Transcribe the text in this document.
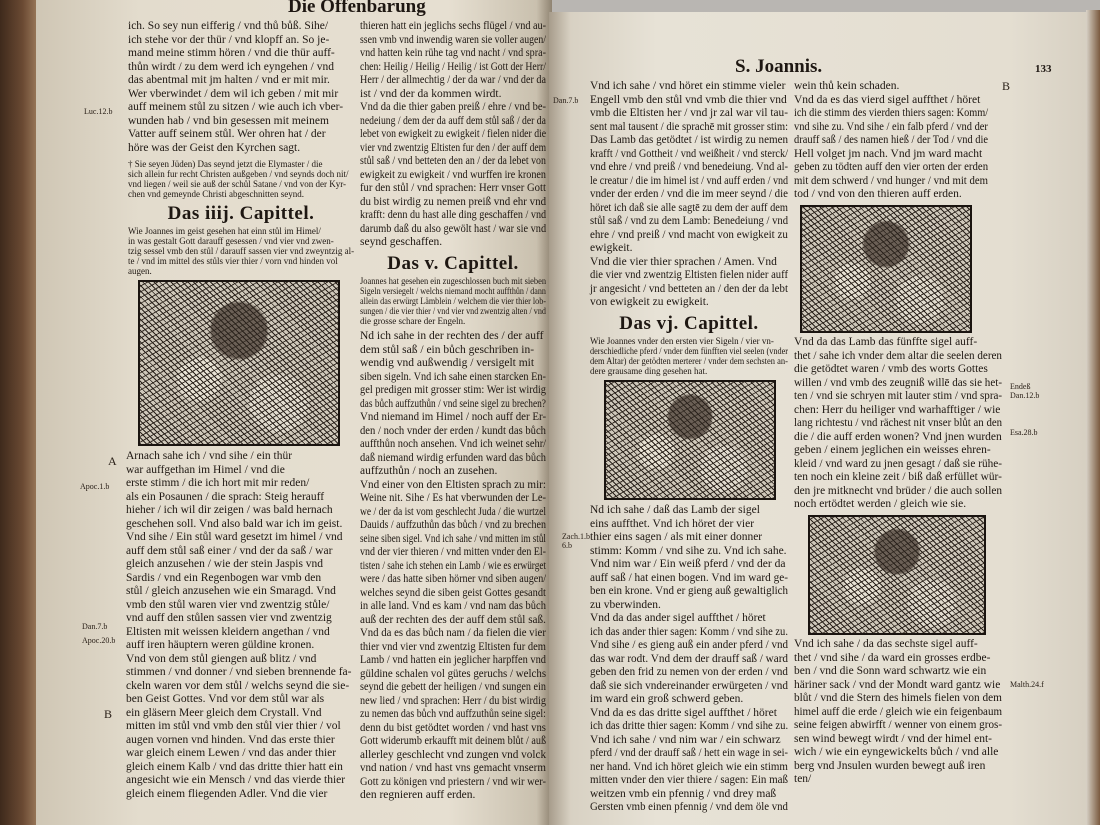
Die Offenbarung
ich. So sey nun eifferig / vnd thů bůß. Sihe/
ich stehe vor der thür / vnd klopff an. So je-
mand meine stimm hören / vnd die thür auff-
thůn wirdt / zu dem werd ich eyngehen / vnd
das abentmal mit jm halten / vnd er mit mir.
Wer vberwindet / dem wil ich geben / mit mir
auff meinem stůl zu sitzen / wie auch ich vber-
wunden hab / vnd bin gesessen mit meinem
Vatter auff seinem stůl. Wer ohren hat / der
höre was der Geist den Kyrchen sagt.
† Sie seyen Jüden) Das seynd jetzt die Elymaster / die
sich allein fur recht Christen außgeben / vnd seynds doch nit/
vnd liegen / weil sie auß der schůl Satane / vnd von der Kyr-
chen vnd gemeynde Christi abgeschnitten seynd.
Das iiij. Capittel.
Wie Joannes im geist gesehen hat einn stůl im Himel/
in was gestalt Gott darauff gesessen / vnd vier vnd zwen-
tzig sessel vmb den stůl / darauff sassen vier vnd zweyntzig al-
te / vnd im mittel des stůls vier thier / vorn vnd hinden vol
augen.
Arnach sahe ich / vnd sihe / ein thür
war auffgethan im Himel / vnd die
erste stimm / die ich hort mit mir reden/
als ein Posaunen / die sprach: Steig herauff
hieher / ich wil dir zeigen / was bald hernach
geschehen soll. Vnd also bald war ich im geist.
Vnd sihe / Ein stůl ward gesetzt im himel / vnd
auff dem stůl saß einer / vnd der da saß / war
gleich anzusehen / wie der stein Jaspis vnd
Sardis / vnd ein Regenbogen war vmb den
stůl / gleich anzusehen wie ein Smaragd. Vnd
vmb den stůl waren vier vnd zwentzig stůle/
vnd auff den stůlen sassen vier vnd zwentzig
Eltisten mit weissen kleidern angethan / vnd
auff iren häuptern weren güldine kronen.
Vnd von dem stůl giengen auß blitz / vnd
stimmen / vnd donner / vnd sieben brennende fa-
ckeln waren vor dem stůl / welchs seynd die sie-
ben Geist Gottes. Vnd vor dem stůl war als
ein gläsern Meer gleich dem Crystall. Vnd
mitten im stůl vnd vmb den stůl vier thier / vol
augen vornen vnd hinden. Vnd das erste thier
war gleich einem Lewen / vnd das ander thier
gleich einem Kalb / vnd das dritte thier hatt ein
angesicht wie ein Mensch / vnd das vierde thier
gleich einem fliegenden Adler. Vnd die vier
thieren hatt ein jeglichs sechs flügel / vnd au-
ssen vmb vnd inwendig waren sie voller augen/
vnd hatten kein rühe tag vnd nacht / vnd spra-
chen: Heilig / Heilig / Heilig / ist Gott der Herr/
Herr / der allmechtig / der da war / vnd der da
ist / vnd der da kommen wirdt.
Vnd da die thier gaben preiß / ehre / vnd be-
nedeiung / dem der da auff dem stůl saß / der da
lebet von ewigkeit zu ewigkeit / fielen nider die
vier vnd zwentzig Eltisten fur den / der auff dem
stůl saß / vnd betteten den an / der da lebet von
ewigkeit zu ewigkeit / vnd wurffen ire kronen
fur den stůl / vnd sprachen: Herr vnser Gott
du bist wirdig zu nemen preiß vnd ehr vnd
krafft: denn du hast alle ding geschaffen / vnd
darumb daß du also gewölt hast / war sie vnd
seynd geschaffen.
Das v. Capittel.
Joannes hat gesehen ein zugeschlossen buch mit sieben
Sigeln versiegelt / welchs niemand mocht auffthůn / dann
allein das erwürgt Lämblein / welchem die vier thier lob-
sungen / die vier thier / vnd vier vnd zwentzig alten / vnd
die grosse schare der Engeln.
Nd ich sahe in der rechten des / der auff
dem stůl saß / ein bůch geschriben in-
wendig vnd außwendig / versigelt mit
siben sigeln. Vnd ich sahe einen starcken En-
gel predigen mit grosser stim: Wer ist wirdig
das bůch auffzuthůn / vnd seine sigel zu brechen?
Vnd niemand im Himel / noch auff der Er-
den / noch vnder der erden / kundt das bůch
auffthůn noch ansehen. Vnd ich weinet sehr/
daß niemand wirdig erfunden ward das bůch
auffzuthůn / noch an zusehen.
Vnd einer von den Eltisten sprach zu mir:
Weine nit. Sihe / Es hat vberwunden der Le-
we / der da ist vom geschlecht Juda / die wurtzel
Dauids / auffzuthůn das bůch / vnd zu brechen
seine siben sigel. Vnd ich sahe / vnd mitten im stůl
vnd der vier thieren / vnd mitten vnder den El-
tisten / sahe ich stehen ein Lamb / wie es erwürget
were / das hatte siben hörner vnd siben augen/
welches seynd die siben geist Gottes gesandt
in alle land. Vnd es kam / vnd nam das bůch
auß der rechten des der auff dem stůl saß.
Vnd da es das bůch nam / da fielen die vier
thier vnd vier vnd zwentzig Eltisten fur dem
Lamb / vnd hatten ein jeglicher harpffen vnd
güldine schalen vol gütes geruchs / welchs
seynd die gebett der heiligen / vnd sungen ein
new lied / vnd sprachen: Herr / du bist wirdig
zu nemen das bůch vnd auffzuthůn seine sigel:
denn du bist getödtet worden / vnd hast vns
Gott widerumb erkaufft mit deinem blůt / auß
allerley geschlecht vnd zungen vnd volck
vnd nation / vnd hast vns gemacht vnserm
Gott zu königen vnd priestern / vnd wir wer-
den regnieren auff erden.
Luc.12.b
Apoc.1.b
Dan.7.b
Apoc.20.b
A
B
S. Joannis.	133
Vnd ich sahe / vnd höret ein stimme vieler
Engell vmb den stůl vnd vmb die thier vnd
vmb die Eltisten her / vnd jr zal war vil tau-
sent mal tausent / die sprachē mit grosser stim:
Das Lamb das getödtet / ist wirdig zu nemen
krafft / vnd Gottheit / vnd weißheit / vnd sterck/
vnd ehre / vnd preiß / vnd benedeiung. Vnd al-
le creatur / die im himel ist / vnd auff erden / vnd
vnder der erden / vnd die im meer seynd / die
höret ich daß sie alle sagtē zu dem der auff dem
stůl saß / vnd zu dem Lamb: Benedeiung / vnd
ehre / vnd preiß / vnd macht von ewigkeit zu
ewigkeit.
Vnd die vier thier sprachen / Amen. Vnd
die vier vnd zwentzig Eltisten fielen nider auff
jr angesicht / vnd betteten an / den der da lebt
von ewigkeit zu ewigkeit.
Das vj. Capittel.
Wie Joannes vnder den ersten vier Sigeln / vier vn-
derschiedliche pferd / vnder dem fünfften viel seelen (vnder
dem Altar) der getödten merterer / vnder dem sechsten an-
dere grausame ding gesehen hat.
Nd ich sahe / daß das Lamb der sigel
eins auffthet. Vnd ich höret der vier
thier eins sagen / als mit einer donner
stimm: Komm / vnd sihe zu. Vnd ich sahe.
Vnd nim war / Ein weiß pferd / vnd der da
auff saß / hat einen bogen. Vnd im ward ge-
ben ein krone. Vnd er gieng auß gewaltiglich
zu vberwinden.
Vnd da das ander sigel auffthet / höret
ich das ander thier sagen: Komm / vnd sihe zu.
Vnd sihe / es gieng auß ein ander pferd / vnd
das war rodt. Vnd dem der drauff saß / ward
geben den frid zu nemen von der erden / vnd
daß sie sich vndereinander erwürgeten / vnd
im ward ein groß schwerd geben.
Vnd da es das dritte sigel auffthet / höret
ich das dritte thier sagen: Komm / vnd sihe zu.
Vnd ich sahe / vnd nim war / ein schwarz
pferd / vnd der drauff saß / hett ein wage in sei-
ner hand. Vnd ich höret gleich wie ein stimm
mitten vnder den vier thiere / sagen: Ein maß
weitzen vmb ein pfennig / vnd drey maß
Gersten vmb einen pfennig / vnd dem öle vnd
wein thů kein schaden.
Vnd da es das vierd sigel auffthet / höret
ich die stimm des vierden thiers sagen: Komm/
vnd sihe zu. Vnd sihe / ein falb pferd / vnd der
drauff saß / des namen hieß / der Tod / vnd die
Hell volget jm nach. Vnd jm ward macht
geben zu tödten auff den vier orten der erden
mit dem schwerd / vnd hunger / vnd mit dem
tod / vnd von den thieren auff erden.
Vnd da das Lamb das fünffte sigel auff-
thet / sahe ich vnder dem altar die seelen deren
die getödtet waren / vmb des worts Gottes
willen / vnd vmb des zeugniß willē das sie het-
ten / vnd sie schryen mit lauter stim / vnd spra-
chen: Herr du heiliger vnd warhafftiger / wie
lang richtestu / vnd rächest nit vnser blůt an den
die / die auff erden wonen? Vnd jnen wurden
geben / einem jeglichen ein weisses ehren-
kleid / vnd ward zu jnen gesagt / daß sie rühe-
ten noch ein kleine zeit / biß daß erfüllet wür-
den jre mitknecht vnd brüder / die auch sollen
noch ertödtet werden / gleich wie sie.
Vnd ich sahe / da das sechste sigel auff-
thet / vnd sihe / da ward ein grosses erdbe-
ben / vnd die Sonn ward schwartz wie ein
häriner sack / vnd der Mondt ward gantz wie
blůt / vnd die Stern des himels fielen von dem
himel auff die erde / gleich wie ein feigenbaum
seine feigen abwirfft / wenner von einem gros-
sen wind bewegt wirdt / vnd der himel ent-
wich / wie ein eyngewickelts bůch / vnd alle
berg vnd Jnsulen wurden bewegt auß iren
ten/
Dan.7.b
Zach.1.b 6.b
Endeß Dan.12.b
Esa.28.b
Malth.24.f
B
